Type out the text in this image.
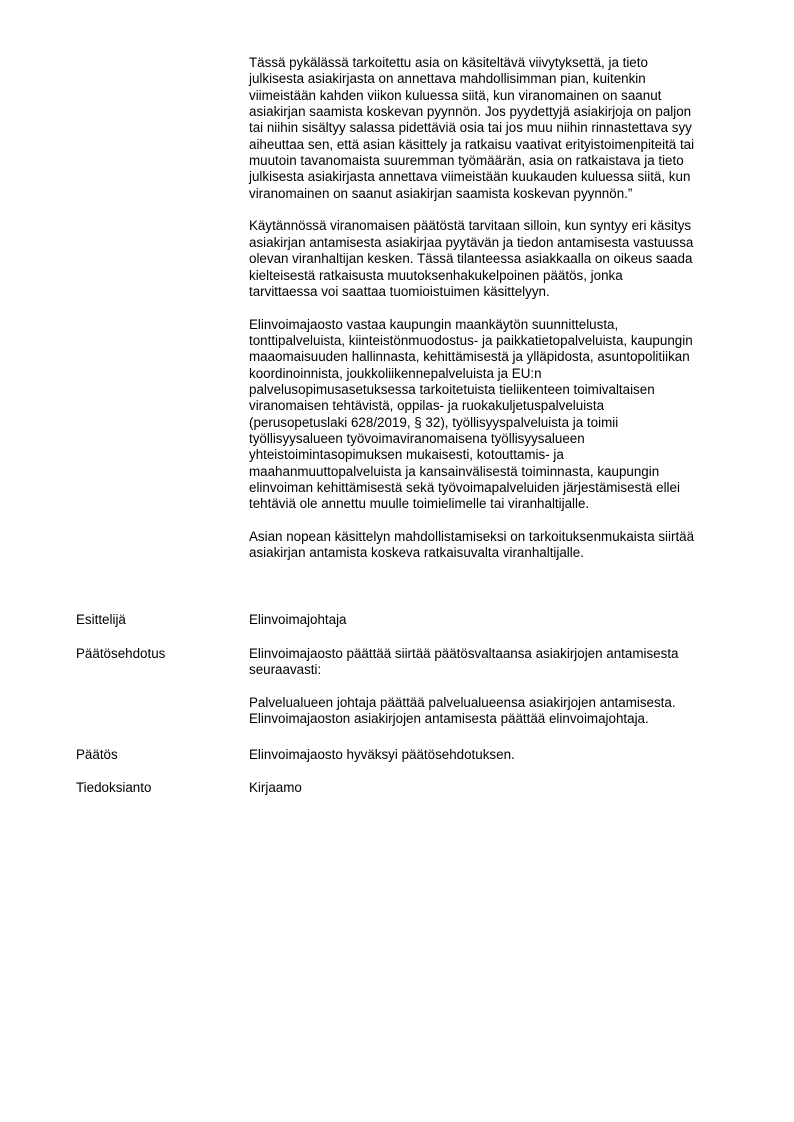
Tässä pykälässä tarkoitettu asia on käsiteltävä viivytyksettä, ja tieto
julkisesta asiakirjasta on annettava mahdollisimman pian, kuitenkin
viimeistään kahden viikon kuluessa siitä, kun viranomainen on saanut
asiakirjan saamista koskevan pyynnön. Jos pyydettyjä asiakirjoja on paljon
tai niihin sisältyy salassa pidettäviä osia tai jos muu niihin rinnastettava syy
aiheuttaa sen, että asian käsittely ja ratkaisu vaativat erityistoimenpiteitä tai
muutoin tavanomaista suuremman työmäärän, asia on ratkaistava ja tieto
julkisesta asiakirjasta annettava viimeistään kuukauden kuluessa siitä, kun
viranomainen on saanut asiakirjan saamista koskevan pyynnön.”

Käytännössä viranomaisen päätöstä tarvitaan silloin, kun syntyy eri käsitys
asiakirjan antamisesta asiakirjaa pyytävän ja tiedon antamisesta vastuussa
olevan viranhaltijan kesken. Tässä tilanteessa asiakkaalla on oikeus saada
kielteisestä ratkaisusta muutoksenhakukelpoinen päätös, jonka
tarvittaessa voi saattaa tuomioistuimen käsittelyyn.

Elinvoimajaosto vastaa kaupungin maankäytön suunnittelusta,
tonttipalveluista, kiinteistönmuodostus- ja paikkatietopalveluista, kaupungin
maaomaisuuden hallinnasta, kehittämisestä ja ylläpidosta, asuntopolitiikan
koordinoinnista, joukkoliikennepalveluista ja EU:n
palvelusopimusasetuksessa tarkoitetuista tieliikenteen toimivaltaisen
viranomaisen tehtävistä, oppilas- ja ruokakuljetuspalveluista
(perusopetuslaki 628/2019, § 32), työllisyyspalveluista ja toimii
työllisyysalueen työvoimaviranomaisena työllisyysalueen
yhteistoimintasopimuksen mukaisesti, kotouttamis- ja
maahanmuuttopalveluista ja kansainvälisestä toiminnasta, kaupungin
elinvoiman kehittämisestä sekä työvoimapalveluiden järjestämisestä ellei
tehtäviä ole annettu muulle toimielimelle tai viranhaltijalle.

Asian nopean käsittelyn mahdollistamiseksi on tarkoituksenmukaista siirtää
asiakirjan antamista koskeva ratkaisuvalta viranhaltijalle.

Esittelijä	Elinvoimajohtaja
Päätösehdotus	Elinvoimajaosto päättää siirtää päätösvaltaansa asiakirjojen antamisesta
seuraavasti:
Palvelualueen johtaja päättää palvelualueensa asiakirjojen antamisesta.
Elinvoimajaoston asiakirjojen antamisesta päättää elinvoimajohtaja.
Päätös	Elinvoimajaosto hyväksyi päätösehdotuksen.
Tiedoksianto	Kirjaamo
